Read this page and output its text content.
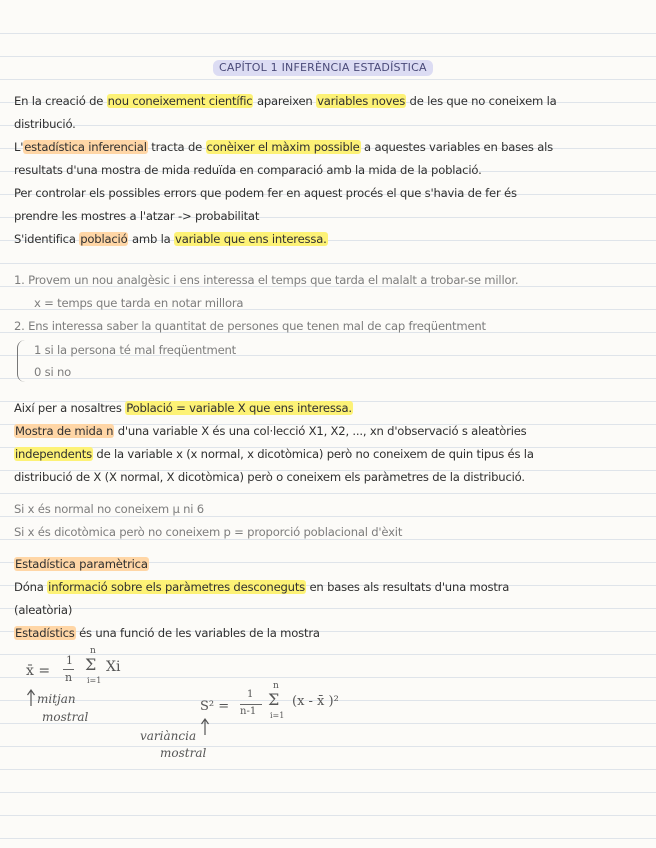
CAPÍTOL 1 INFERÈNCIA ESTADÍSTICA
En la creació de nou coneixement científic apareixen variables noves de les que no coneixem la
distribució.
L'estadística inferencial tracta de conèixer el màxim possible a aquestes variables en bases als
resultats d'una mostra de mida reduïda en comparació amb la mida de la població.
Per controlar els possibles errors que podem fer en aquest procés el que s'havia de fer és
prendre les mostres a l'atzar -> probabilitat
S'identifica població amb la variable que ens interessa.
1. Provem un nou analgèsic i ens interessa el temps que tarda el malalt a trobar-se millor.
x = temps que tarda en notar millora
2. Ens interessa saber la quantitat de persones que tenen mal de cap freqüentment
1 si la persona té mal freqüentment
0 si no
Així per a nosaltres Població = variable X que ens interessa.
Mostra de mida n d'una variable X és una col·lecció X1, X2, ..., xn d'observació s aleatòries
independents de la variable x (x normal, x dicotòmica) però no coneixem de quin tipus és la
distribució de X (X normal, X dicotòmica) però o coneixem els paràmetres de la distribució.
Si x és normal no coneixem μ ni 6
Si x és dicotòmica però no coneixem p = proporció poblacional d'èxit
Estadística paramètrica
Dóna informació sobre els paràmetres desconeguts en bases als resultats d'una mostra
(aleatòria)
Estadístics és una funció de les variables de la mostra
x̄ =
1
n
n
Σ
i=1
Xi
mitjan
mostral
S² =
1
n-1
n
Σ
i=1
(x - x̄ )²
variància
mostral
